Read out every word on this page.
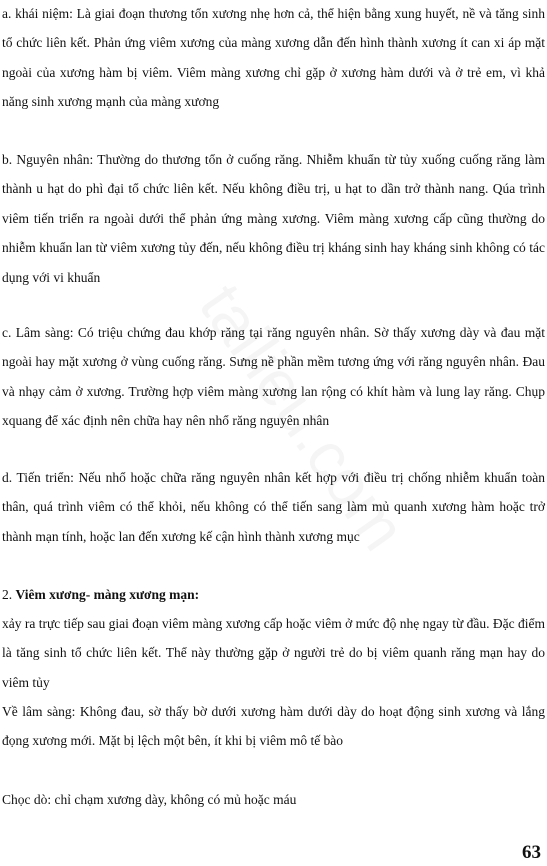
a. khái niệm: Là giai đoạn thương tổn xương nhẹ hơn cả, thể hiện bằng xung huyết, nề và tăng sinh tổ chức liên kết. Phản ứng viêm xương của màng xương dẫn đến hình thành xương ít can xi áp mặt ngoài của xương hàm bị viêm. Viêm màng xương chỉ gặp ở xương hàm dưới và ở trẻ em, vì khả năng sinh xương mạnh của màng xương

b. Nguyên nhân: Thường do thương tổn ở cuống răng. Nhiễm khuẩn từ tủy xuống cuống răng làm thành u hạt do phì đại tổ chức liên kết. Nếu không điều trị, u hạt to dần trở thành nang. Qúa trình viêm tiến triển ra ngoài dưới thể phản ứng màng xương. Viêm màng xương cấp cũng thường do nhiễm khuẩn lan từ viêm xương tủy đến, nếu không điều trị kháng sinh hay kháng sinh không có tác dụng với vi khuẩn

c. Lâm sàng: Có triệu chứng đau khớp răng tại răng nguyên nhân. Sờ thấy xương dày và đau mặt ngoài hay mặt xương ở vùng cuống răng. Sưng nề phần mềm tương ứng với răng nguyên nhân. Đau và nhạy cảm ở xương. Trường hợp viêm màng xương lan rộng có khít hàm và lung lay răng. Chụp xquang để xác định nên chữa hay nên nhổ răng nguyên nhân

d. Tiến triển: Nếu nhổ hoặc chữa răng nguyên nhân kết hợp với điều trị chống nhiễm khuẩn toàn thân, quá trình viêm có thể khỏi, nếu không có thể tiến sang làm mủ quanh xương hàm hoặc trở thành mạn tính, hoặc lan đến xương kế cận hình thành xương mục

2. Viêm xương- màng xương mạn:

xảy ra trực tiếp sau giai đoạn viêm màng xương cấp hoặc viêm ở mức độ nhẹ ngay từ đầu. Đặc điểm là tăng sinh tổ chức liên kết. Thể này thường gặp ở người trẻ do bị viêm quanh răng mạn hay do viêm tủy

Về lâm sàng: Không đau, sờ thấy bờ dưới xương hàm dưới dày do hoạt động sinh xương và lắng đọng xương mới. Mặt bị lệch một bên, ít khi bị viêm mô tế bào

Chọc dò: chỉ chạm xương dày, không có mủ hoặc máu

63
